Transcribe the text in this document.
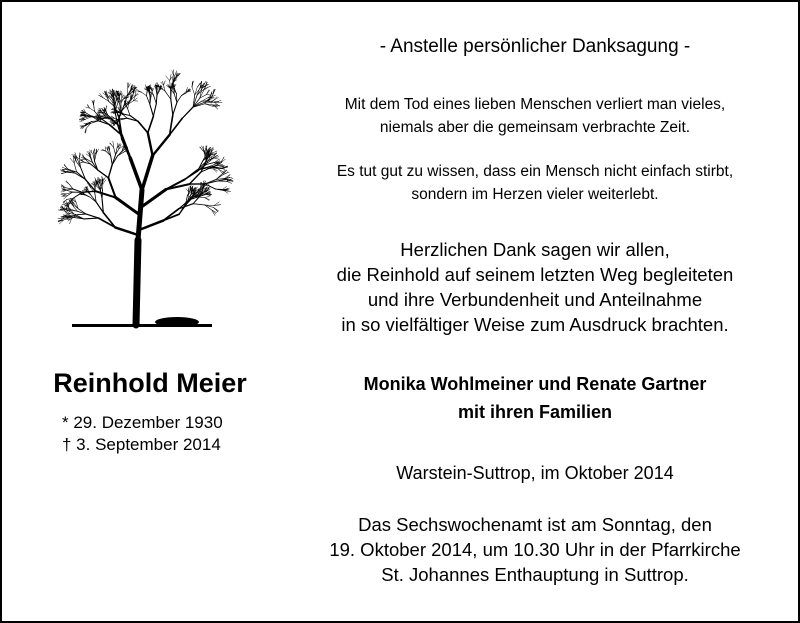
Reinhold Meier
* 29. Dezember 1930
† 3. September 2014
- Anstelle persönlicher Danksagung -
Mit dem Tod eines lieben Menschen verliert man vieles,
niemals aber die gemeinsam verbrachte Zeit.
Es tut gut zu wissen, dass ein Mensch nicht einfach stirbt,
sondern im Herzen vieler weiterlebt.
Herzlichen Dank sagen wir allen,
die Reinhold auf seinem letzten Weg begleiteten
und ihre Verbundenheit und Anteilnahme
in so vielfältiger Weise zum Ausdruck brachten.
Monika Wohlmeiner und Renate Gartner
mit ihren Familien
Warstein-Suttrop, im Oktober 2014
Das Sechswochenamt ist am Sonntag, den
19. Oktober 2014, um 10.30 Uhr in der Pfarrkirche
St. Johannes Enthauptung in Suttrop.
